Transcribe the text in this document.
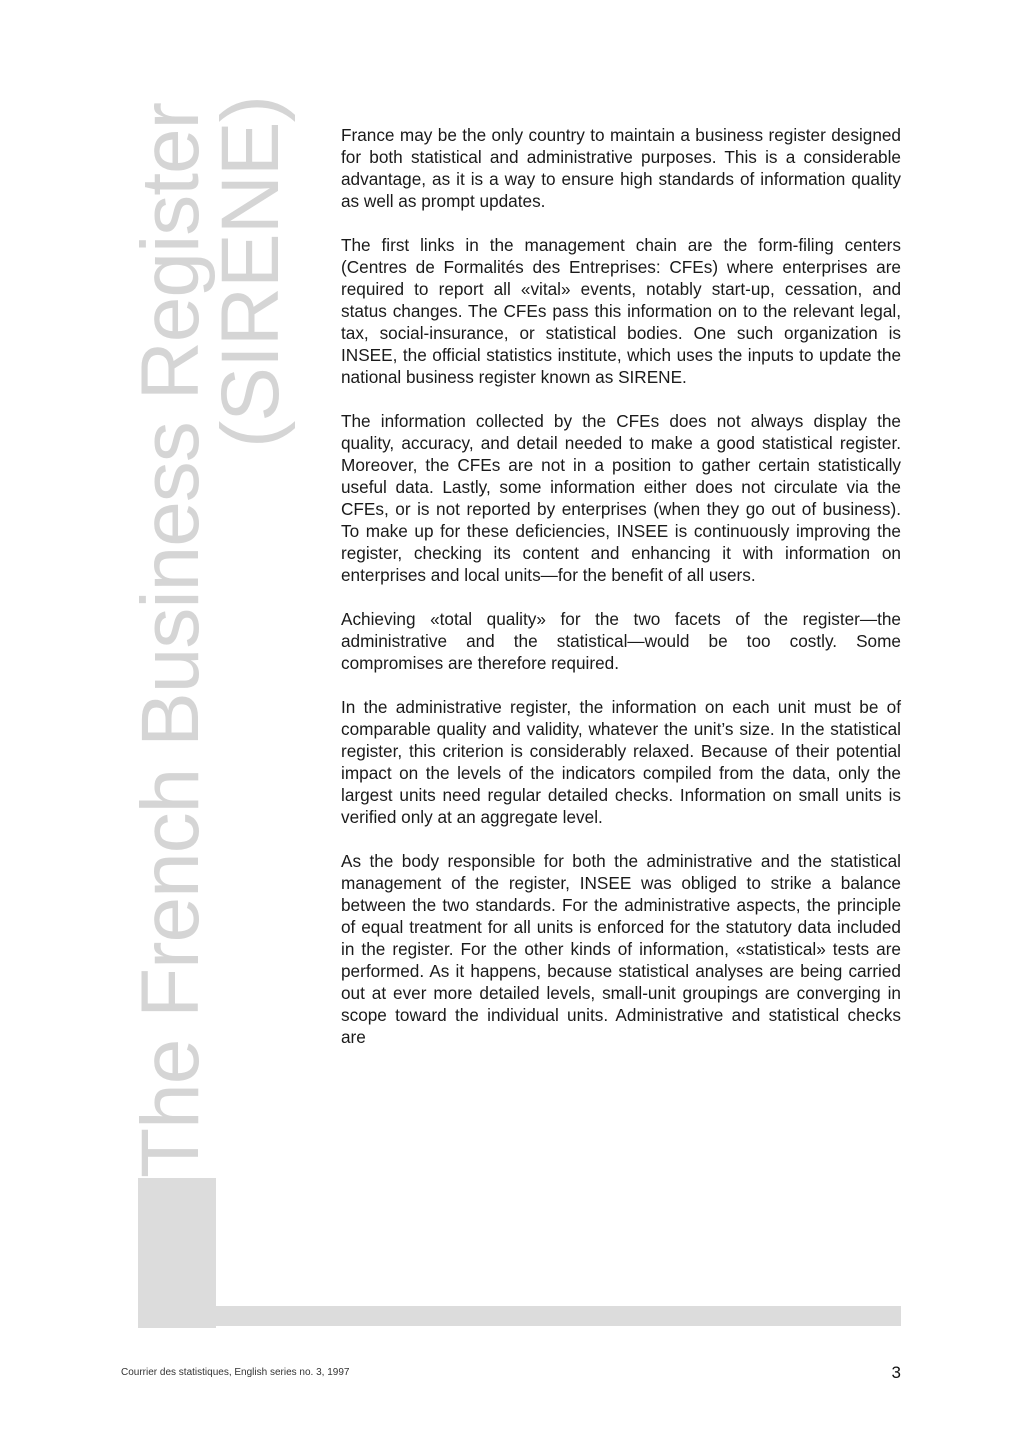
The French Business Register
(SIRENE)	France may be the only country to maintain a business register designed for both statistical and administrative purposes. This is a considerable advantage, as it is a way to ensure high standards of information quality as well as prompt updates.

The first links in the management chain are the form-filing centers (Centres de Formalités des Entreprises: CFEs) where enterprises are required to report all «vital» events, notably start-up, cessation, and status changes. The CFEs pass this information on to the relevant legal, tax, social-insurance, or statistical bodies. One such organization is INSEE, the official statistics institute, which uses the inputs to update the national business register known as SIRENE.

The information collected by the CFEs does not always display the quality, accuracy, and detail needed to make a good statistical register. Moreover, the CFEs are not in a position to gather certain statistically useful data. Lastly, some information either does not circulate via the CFEs, or is not reported by enterprises (when they go out of business). To make up for these deficiencies, INSEE is continuously improving the register, checking its content and enhancing it with information on enterprises and local units—for the benefit of all users.

Achieving «total quality» for the two facets of the register—the administrative and the statistical—would be too costly. Some compromises are therefore required.

In the administrative register, the information on each unit must be of comparable quality and validity, whatever the unit’s size. In the statistical register, this criterion is considerably relaxed. Because of their potential impact on the levels of the indicators compiled from the data, only the largest units need regular detailed checks. Information on small units is verified only at an aggregate level.

As the body responsible for both the administrative and the statistical management of the register, INSEE was obliged to strike a balance between the two standards. For the administrative aspects, the principle of equal treatment for all units is enforced for the statutory data included in the register. For the other kinds of information, «statistical» tests are performed. As it happens, because statistical analyses are being carried out at ever more detailed levels, small-unit groupings are converging in scope toward the individual units. Administrative and statistical checks are

Courrier des statistiques, English series no. 3, 1997	3
